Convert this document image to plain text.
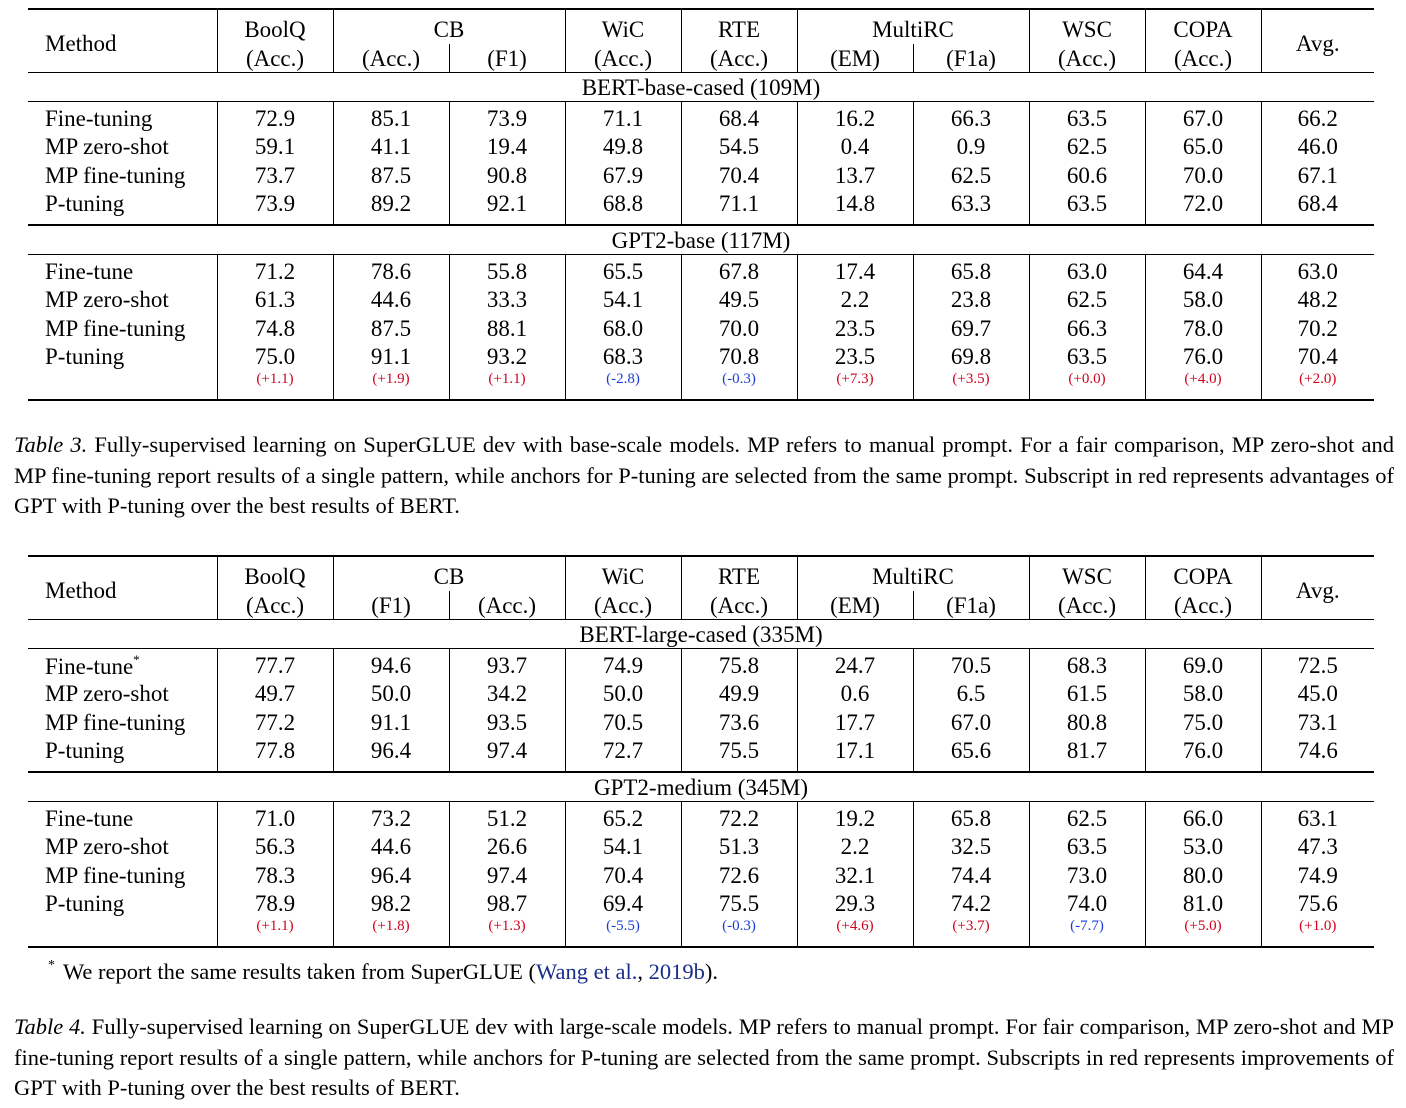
Method	BoolQ	CB		WiC	RTE	MultiRC		WSC	COPA	Avg.
	(Acc.)	(Acc.)	(F1)	(Acc.)	(Acc.)	(EM)	(F1a)	(Acc.)	(Acc.)	
BERT-base-cased (109M)										
Fine-tuning	72.9	85.1	73.9	71.1	68.4	16.2	66.3	63.5	67.0	66.2
MP zero-shot	59.1	41.1	19.4	49.8	54.5	0.4	0.9	62.5	65.0	46.0
MP fine-tuning	73.7	87.5	90.8	67.9	70.4	13.7	62.5	60.6	70.0	67.1
P-tuning	73.9	89.2	92.1	68.8	71.1	14.8	63.3	63.5	72.0	68.4
GPT2-base (117M)										
Fine-tune	71.2	78.6	55.8	65.5	67.8	17.4	65.8	63.0	64.4	63.0
MP zero-shot	61.3	44.6	33.3	54.1	49.5	2.2	23.8	62.5	58.0	48.2
MP fine-tuning	74.8	87.5	88.1	68.0	70.0	23.5	69.7	66.3	78.0	70.2
P-tuning	75.0	91.1	93.2	68.3	70.8	23.5	69.8	63.5	76.0	70.4
	(+1.1)	(+1.9)	(+1.1)	(-2.8)	(-0.3)	(+7.3)	(+3.5)	(+0.0)	(+4.0)	(+2.0)
Table 3. Fully-supervised learning on SuperGLUE dev with base-scale models. MP refers to manual prompt. For a fair comparison, MP zero-shot and MP fine-tuning report results of a single pattern, while anchors for P-tuning are selected from the same prompt. Subscript in red represents advantages of GPT with P-tuning over the best results of BERT.
Method	BoolQ	CB		WiC	RTE	MultiRC		WSC	COPA	Avg.
	(Acc.)	(F1)	(Acc.)	(Acc.)	(Acc.)	(EM)	(F1a)	(Acc.)	(Acc.)	
BERT-large-cased (335M)										
Fine-tune*	77.7	94.6	93.7	74.9	75.8	24.7	70.5	68.3	69.0	72.5
MP zero-shot	49.7	50.0	34.2	50.0	49.9	0.6	6.5	61.5	58.0	45.0
MP fine-tuning	77.2	91.1	93.5	70.5	73.6	17.7	67.0	80.8	75.0	73.1
P-tuning	77.8	96.4	97.4	72.7	75.5	17.1	65.6	81.7	76.0	74.6
GPT2-medium (345M)										
Fine-tune	71.0	73.2	51.2	65.2	72.2	19.2	65.8	62.5	66.0	63.1
MP zero-shot	56.3	44.6	26.6	54.1	51.3	2.2	32.5	63.5	53.0	47.3
MP fine-tuning	78.3	96.4	97.4	70.4	72.6	32.1	74.4	73.0	80.0	74.9
P-tuning	78.9	98.2	98.7	69.4	75.5	29.3	74.2	74.0	81.0	75.6
	(+1.1)	(+1.8)	(+1.3)	(-5.5)	(-0.3)	(+4.6)	(+3.7)	(-7.7)	(+5.0)	(+1.0)
* We report the same results taken from SuperGLUE (Wang et al., 2019b).
Table 4. Fully-supervised learning on SuperGLUE dev with large-scale models. MP refers to manual prompt. For fair comparison, MP zero-shot and MP fine-tuning report results of a single pattern, while anchors for P-tuning are selected from the same prompt. Subscripts in red represents improvements of GPT with P-tuning over the best results of BERT.
